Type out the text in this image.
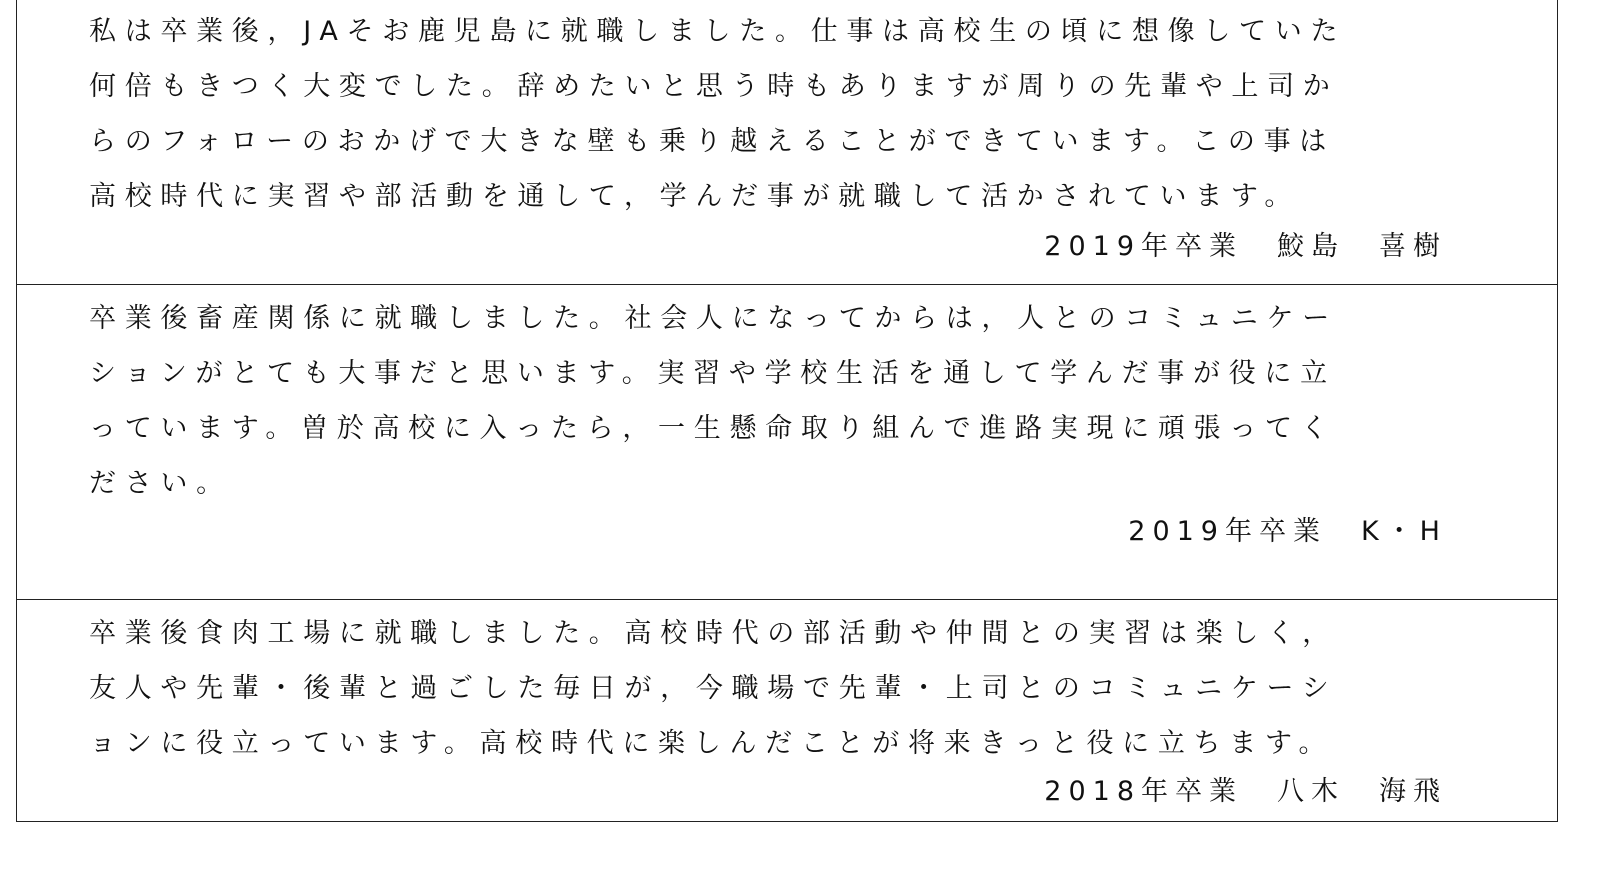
私は卒業後，JAそお鹿児島に就職しました。仕事は高校生の頃に想像していた
何倍もきつく大変でした。辞めたいと思う時もありますが周りの先輩や上司か
らのフォローのおかげで大きな壁も乗り越えることができています。この事は
高校時代に実習や部活動を通して，学んだ事が就職して活かされています。
2019年卒業　鮫島　喜樹
卒業後畜産関係に就職しました。社会人になってからは，人とのコミュニケー
ションがとても大事だと思います。実習や学校生活を通して学んだ事が役に立
っています。曽於高校に入ったら，一生懸命取り組んで進路実現に頑張ってく
ださい。
2019年卒業　K・H
卒業後食肉工場に就職しました。高校時代の部活動や仲間との実習は楽しく，
友人や先輩・後輩と過ごした毎日が，今職場で先輩・上司とのコミュニケーシ
ョンに役立っています。高校時代に楽しんだことが将来きっと役に立ちます。
2018年卒業　八木　海飛
